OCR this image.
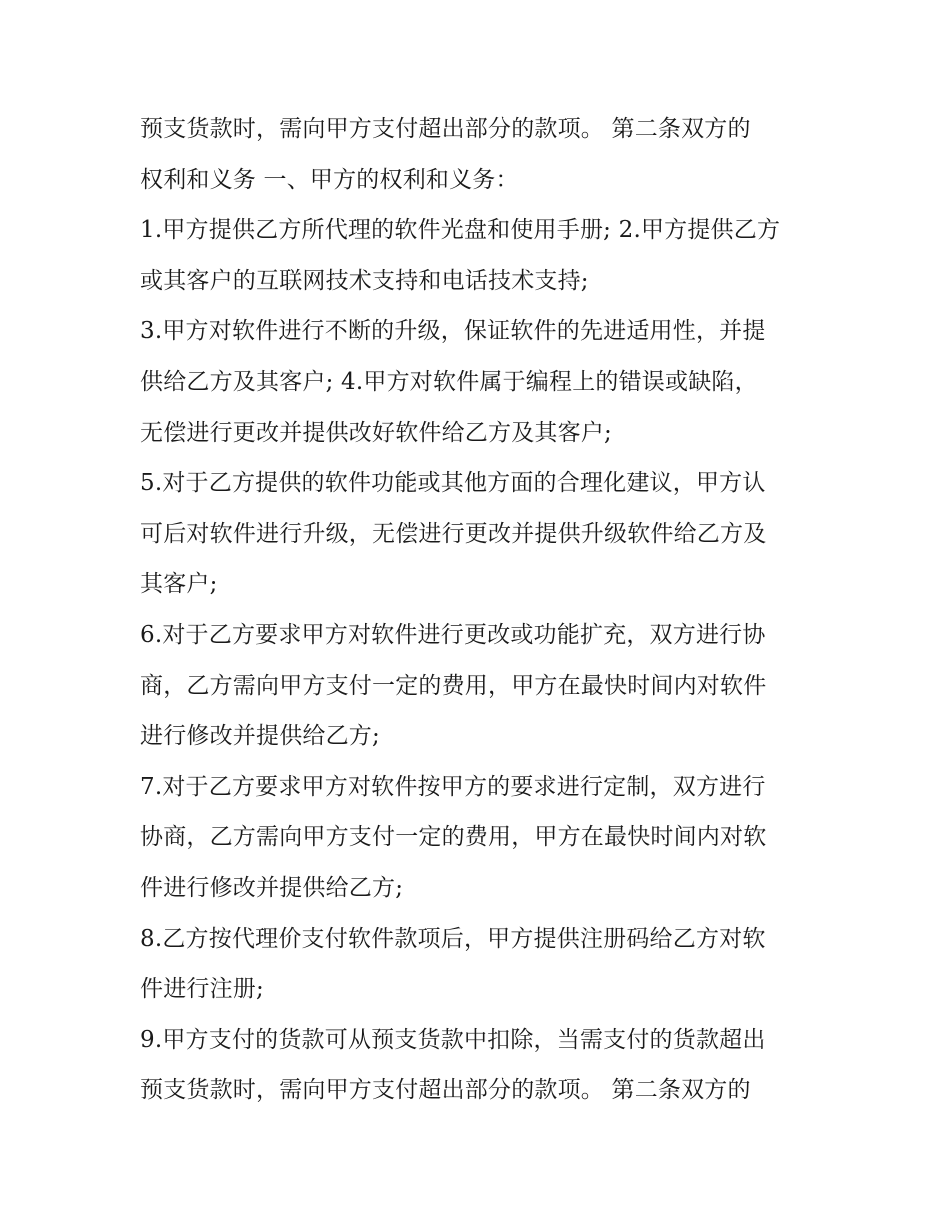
预支货款时，需向甲方支付超出部分的款项。 第二条双方的
权利和义务 一、甲方的权利和义务：
1.甲方提供乙方所代理的软件光盘和使用手册; 2.甲方提供乙方
或其客户的互联网技术支持和电话技术支持;
3.甲方对软件进行不断的升级，保证软件的先进适用性，并提
供给乙方及其客户; 4.甲方对软件属于编程上的错误或缺陷，
无偿进行更改并提供改好软件给乙方及其客户;
5.对于乙方提供的软件功能或其他方面的合理化建议，甲方认
可后对软件进行升级，无偿进行更改并提供升级软件给乙方及
其客户;
6.对于乙方要求甲方对软件进行更改或功能扩充，双方进行协
商，乙方需向甲方支付一定的费用，甲方在最快时间内对软件
进行修改并提供给乙方;
7.对于乙方要求甲方对软件按甲方的要求进行定制，双方进行
协商，乙方需向甲方支付一定的费用，甲方在最快时间内对软
件进行修改并提供给乙方;
8.乙方按代理价支付软件款项后，甲方提供注册码给乙方对软
件进行注册;
9.甲方支付的货款可从预支货款中扣除，当需支付的货款超出
预支货款时，需向甲方支付超出部分的款项。 第二条双方的
